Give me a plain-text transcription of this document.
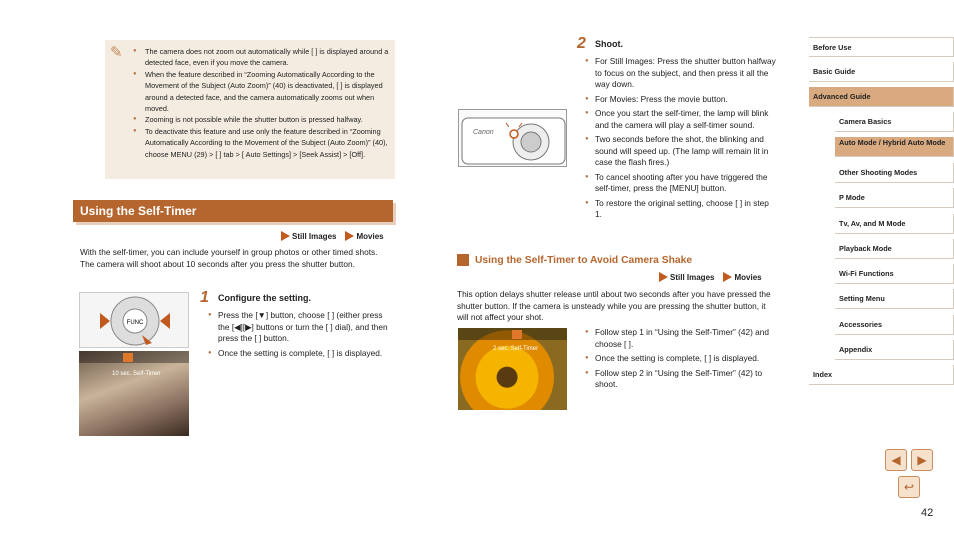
● The camera does not zoom out automatically while [ ] is displayed around a detected face, even if you move the camera.
● When the feature described in “Zooming Automatically According to the Movement of the Subject (Auto Zoom)” (40) is deactivated, [ ] is displayed around a detected face, and the camera automatically zooms out when moved.
● Zooming is not possible while the shutter button is pressed halfway.
● To deactivate this feature and use only the feature described in “Zooming Automatically According to the Movement of the Subject (Auto Zoom)” (40), choose MENU (29) > [ ] tab > [ Auto Settings] > [Seek Assist] > [Off].
✎
Using the Self-Timer
Still Images	Movies
With the self-timer, you can include yourself in group photos or other timed shots. The camera will shoot about 10 seconds after you press the shutter button.
FUNC
10 sec. Self-Timer
1 Configure the setting.
● Press the [▼] button, choose [ ] (either press the [◀][▶] buttons or turn the [ ] dial), and then press the [ ] button.
● Once the setting is complete, [ ] is displayed.
2 Shoot.
● For Still Images: Press the shutter button halfway to focus on the subject, and then press it all the way down.
● For Movies: Press the movie button.
● Once you start the self-timer, the lamp will blink and the camera will play a self-timer sound.
● Two seconds before the shot, the blinking and sound will speed up. (The lamp will remain lit in case the flash fires.)
● To cancel shooting after you have triggered the self-timer, press the [MENU] button.
● To restore the original setting, choose [ ] in step 1.
Canon
Using the Self-Timer to Avoid Camera Shake
Still Images	Movies
This option delays shutter release until about two seconds after you have pressed the shutter button. If the camera is unsteady while you are pressing the shutter button, it will not affect your shot.
2 sec. Self-Timer
● Follow step 1 in “Using the Self-Timer” (42) and choose [ ].
● Once the setting is complete, [ ] is displayed.
● Follow step 2 in “Using the Self-Timer” (42) to shoot.
Before Use
Basic Guide
Advanced Guide
Camera Basics
Auto Mode / Hybrid Auto Mode
Other Shooting Modes
P Mode
Tv, Av, and M Mode
Playback Mode
Wi-Fi Functions
Setting Menu
Accessories
Appendix
Index
◀ ▶
↩
42
